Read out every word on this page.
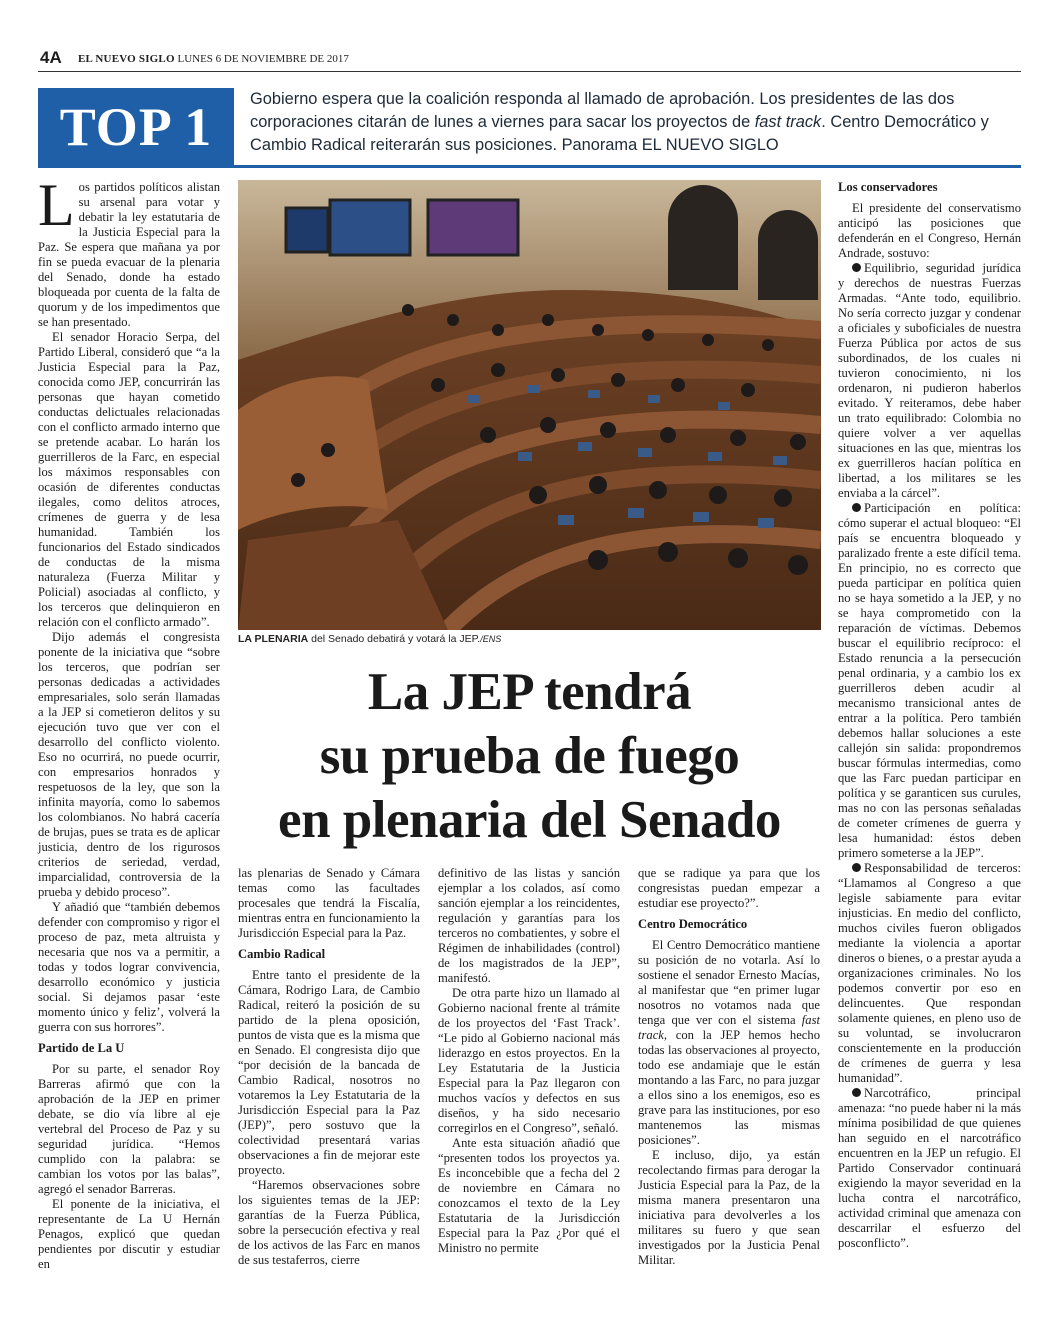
4A EL NUEVO SIGLO LUNES 6 DE NOVIEMBRE DE 2017
TOP 1	Gobierno espera que la coalición responda al llamado de aprobación. Los presidentes de las dos corporaciones citarán de lunes a viernes para sacar los proyectos de fast track. Centro Democrático y Cambio Radical reiterarán sus posiciones. Panorama EL NUEVO SIGLO

Los partidos políticos alistan su arsenal para votar y debatir la ley estatutaria de la Justicia Especial para la Paz. Se espera que mañana ya por fin se pueda evacuar de la plenaria del Senado, donde ha estado bloqueada por cuenta de la falta de quorum y de los impedimentos que se han presentado.

El senador Horacio Serpa, del Partido Liberal, consideró que “a la Justicia Especial para la Paz, conocida como JEP, concurrirán las personas que hayan cometido conductas delictuales relacionadas con el conflicto armado interno que se pretende acabar. Lo harán los guerrilleros de la Farc, en especial los máximos responsables con ocasión de diferentes conductas ilegales, como delitos atroces, crímenes de guerra y de lesa humanidad. También los funcionarios del Estado sindicados de conductas de la misma naturaleza (Fuerza Militar y Policial) asociadas al conflicto, y los terceros que delinquieron en relación con el conflicto armado”.

Dijo además el congresista ponente de la iniciativa que “sobre los terceros, que podrían ser personas dedicadas a actividades empresariales, solo serán llamadas a la JEP si cometieron delitos y su ejecución tuvo que ver con el desarrollo del conflicto violento. Eso no ocurrirá, no puede ocurrir, con empresarios honrados y respetuosos de la ley, que son la infinita mayoría, como lo sabemos los colombianos. No habrá cacería de brujas, pues se trata es de aplicar justicia, dentro de los rigurosos criterios de seriedad, verdad, imparcialidad, controversia de la prueba y debido proceso”.

Y añadió que “también debemos defender con compromiso y rigor el proceso de paz, meta altruista y necesaria que nos va a permitir, a todas y todos lograr convivencia, desarrollo económico y justicia social. Si dejamos pasar ‘este momento único y feliz’, volverá la guerra con sus horrores”.

Partido de La U

Por su parte, el senador Roy Barreras afirmó que con la aprobación de la JEP en primer debate, se dio vía libre al eje vertebral del Proceso de Paz y su seguridad jurídica. “Hemos cumplido con la palabra: se cambian los votos por las balas”, agregó el senador Barreras.

El ponente de la iniciativa, el representante de La U Hernán Penagos, explicó que quedan pendientes por discutir y estudiar en

LA PLENARIA del Senado debatirá y votará la JEP./ENS
La JEP tendrá
su prueba de fuego
en plenaria del Senado

las plenarias de Senado y Cámara temas como las facultades procesales que tendrá la Fiscalía, mientras entra en funcionamiento la Jurisdicción Especial para la Paz.

Cambio Radical

Entre tanto el presidente de la Cámara, Rodrigo Lara, de Cambio Radical, reiteró la posición de su partido de la plena oposición, puntos de vista que es la misma que en Senado. El congresista dijo que “por decisión de la bancada de Cambio Radical, nosotros no votaremos la Ley Estatutaria de la Jurisdicción Especial para la Paz (JEP)”, pero sostuvo que la colectividad presentará varias observaciones a fin de mejorar este proyecto.

“Haremos observaciones sobre los siguientes temas de la JEP: garantías de la Fuerza Pública, sobre la persecución efectiva y real de los activos de las Farc en manos de sus testaferros, cierre

definitivo de las listas y sanción ejemplar a los colados, así como sanción ejemplar a los reincidentes, regulación y garantías para los terceros no combatientes, y sobre el Régimen de inhabilidades (control) de los magistrados de la JEP”, manifestó.

De otra parte hizo un llamado al Gobierno nacional frente al trámite de los proyectos del ‘Fast Track’. “Le pido al Gobierno nacional más liderazgo en estos proyectos. En la Ley Estatutaria de la Justicia Especial para la Paz llegaron con muchos vacíos y defectos en sus diseños, y ha sido necesario corregirlos en el Congreso”, señaló.

Ante esta situación añadió que “presenten todos los proyectos ya. Es inconcebible que a fecha del 2 de noviembre en Cámara no conozcamos el texto de la Ley Estatutaria de la Jurisdicción Especial para la Paz ¿Por qué el Ministro no permite

que se radique ya para que los congresistas puedan empezar a estudiar ese proyecto?”.

Centro Democrático

El Centro Democrático mantiene su posición de no votarla. Así lo sostiene el senador Ernesto Macías, al manifestar que “en primer lugar nosotros no votamos nada que tenga que ver con el sistema fast track, con la JEP hemos hecho todas las observaciones al proyecto, todo ese andamiaje que le están montando a las Farc, no para juzgar a ellos sino a los enemigos, eso es grave para las instituciones, por eso mantenemos las mismas posiciones”.

E incluso, dijo, ya están recolectando firmas para derogar la Justicia Especial para la Paz, de la misma manera presentaron una iniciativa para devolverles a los militares su fuero y que sean investigados por la Justicia Penal Militar.

Los conservadores

El presidente del conservatismo anticipó las posiciones que defenderán en el Congreso, Hernán Andrade, sostuvo:

Equilibrio, seguridad jurídica y derechos de nuestras Fuerzas Armadas. “Ante todo, equilibrio. No sería correcto juzgar y condenar a oficiales y suboficiales de nuestra Fuerza Pública por actos de sus subordinados, de los cuales ni tuvieron conocimiento, ni los ordenaron, ni pudieron haberlos evitado. Y reiteramos, debe haber un trato equilibrado: Colombia no quiere volver a ver aquellas situaciones en las que, mientras los ex guerrilleros hacían política en libertad, a los militares se les enviaba a la cárcel”.

Participación en política: cómo superar el actual bloqueo: “El país se encuentra bloqueado y paralizado frente a este difícil tema. En principio, no es correcto que pueda participar en política quien no se haya sometido a la JEP, y no se haya comprometido con la reparación de víctimas. Debemos buscar el equilibrio recíproco: el Estado renuncia a la persecución penal ordinaria, y a cambio los ex guerrilleros deben acudir al mecanismo transicional antes de entrar a la política. Pero también debemos hallar soluciones a este callejón sin salida: propondremos buscar fórmulas intermedias, como que las Farc puedan participar en política y se garanticen sus curules, mas no con las personas señaladas de cometer crímenes de guerra y lesa humanidad: éstos deben primero someterse a la JEP”.

Responsabilidad de terceros: “Llamamos al Congreso a que legisle sabiamente para evitar injusticias. En medio del conflicto, muchos civiles fueron obligados mediante la violencia a aportar dineros o bienes, o a prestar ayuda a organizaciones criminales. No los podemos convertir por eso en delincuentes. Que respondan solamente quienes, en pleno uso de su voluntad, se involucraron conscientemente en la producción de crímenes de guerra y lesa humanidad”.

Narcotráfico, principal amenaza: “no puede haber ni la más mínima posibilidad de que quienes han seguido en el narcotráfico encuentren en la JEP un refugio. El Partido Conservador continuará exigiendo la mayor severidad en la lucha contra el narcotráfico, actividad criminal que amenaza con descarrilar el esfuerzo del posconflicto”.
